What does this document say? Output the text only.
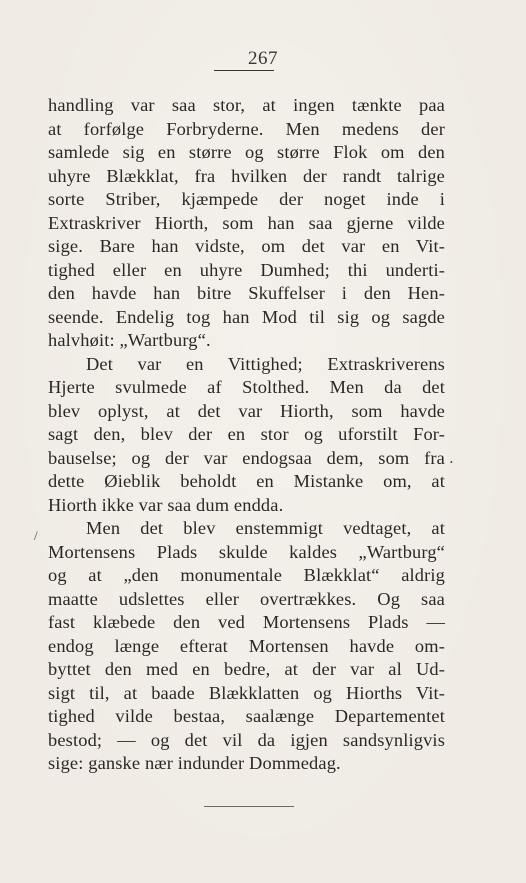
267
handling var saa stor, at ingen tænkte paa
at forfølge Forbryderne. Men medens der
samlede sig en større og større Flok om den
uhyre Blækklat, fra hvilken der randt talrige
sorte Striber, kjæmpede der noget inde i
Extraskriver Hiorth, som han saa gjerne vilde
sige. Bare han vidste, om det var en Vit-
tighed eller en uhyre Dumhed; thi underti-
den havde han bitre Skuffelser i den Hen-
seende. Endelig tog han Mod til sig og sagde
halvhøit: „Wartburg“.
Det var en Vittighed; Extraskriverens
Hjerte svulmede af Stolthed. Men da det
blev oplyst, at det var Hiorth, som havde
sagt den, blev der en stor og uforstilt For-
bauselse; og der var endogsaa dem, som fra
dette Øieblik beholdt en Mistanke om, at
Hiorth ikke var saa dum endda.
Men det blev enstemmigt vedtaget, at
Mortensens Plads skulde kaldes „Wartburg“
og at „den monumentale Blækklat“ aldrig
maatte udslettes eller overtrækkes. Og saa
fast klæbede den ved Mortensens Plads —
endog længe efterat Mortensen havde om-
byttet den med en bedre, at der var al Ud-
sigt til, at baade Blækklatten og Hiorths Vit-
tighed vilde bestaa, saalænge Departementet
bestod; — og det vil da igjen sandsynligvis
sige: ganske nær indunder Dommedag.
/
•
